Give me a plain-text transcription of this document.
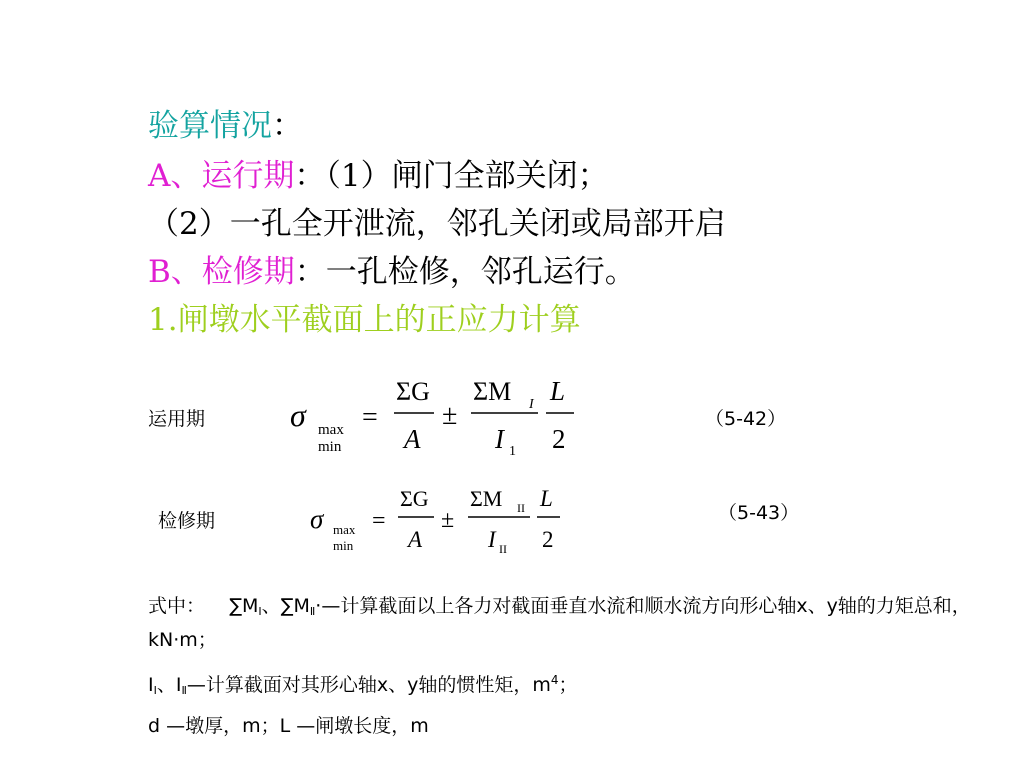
验算情况：
A、运行期：（1）闸门全部关闭；
（2）一孔全开泄流，邻孔关闭或局部开启
B、检修期：一孔检修，邻孔运行。
1.闸墩水平截面上的正应力计算
运用期	σ max
min
=
ΣG
A
±
ΣM I
I 1
L
2
（5-42）
检修期	σ max
min
=
ΣG
A
±
ΣM II
I II
L
2
（5-43）
式中： $\sum M_I$、$\sum M_Ⅱ\cdot—$计算截面以上各力对截面垂直水流和顺水流方向形心轴x、y轴的力矩总和，kN·m；
$I_Ⅰ$、$I_Ⅱ—$计算截面对其形心轴x、y轴的惯性矩，$m^4$；
d —墩厚，m；L —闸墩长度，m
